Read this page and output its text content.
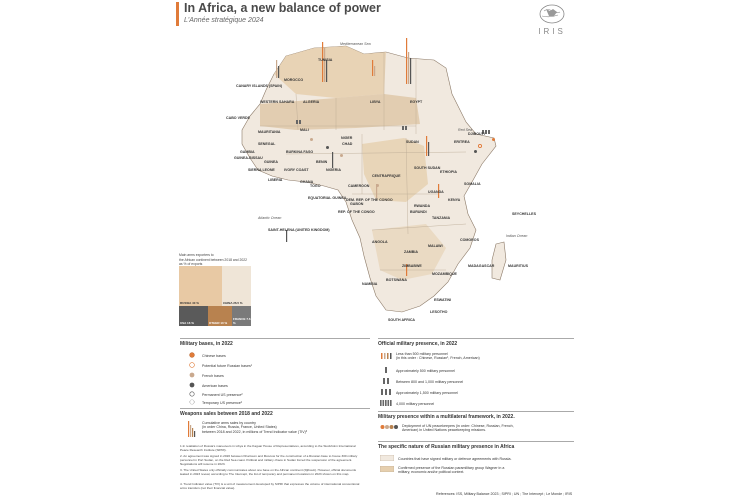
In Africa, a new balance of power
L'Année stratégique 2024
IRIS
MOROCCO
ALGERIA
TUNISIA
LIBYA	EGYPT
WESTERN SAHARA
MAURITANIA	MALI
NIGER
CHAD	SUDAN	ERITREA
DJIBOUTI
ETHIOPIA
SOMALIA
SENEGAL
GAMBIA
GUINEA-BISSAU
GUINEA
SIERRA LEONE
LIBERIA
IVORY COAST
BURKINA FASO
GHANA
TOGO
BENIN
NIGERIA
CAMEROON
CENTRAFRIQUE
SOUTH SUDAN
UGANDA
KENYA
RWANDA
BURUNDI
TANZANIA
EQUATORIAL GUINEA
GABON
REP. OF THE CONGO
DEM. REP. OF THE CONGO
ANGOLA
ZAMBIA
MALAWI
MOZAMBIQUE
ZIMBABWE
NAMIBIA
BOTSWANA
SOUTH AFRICA
LESOTHO
ESWATINI
MADAGASCAR
COMOROS
SEYCHELLES
MAURITIUS
CABO VERDE
CANARY ISLANDS (SPAIN)
SAINT-HELENA (UNITED KINGDOM)
Mediterranean Sea
Red Sea
Atlantic Ocean
Indian Ocean
Main arms exporters to
the African continent between 2018 and 2022
as % of exports
RUSSIA 40 %	CHINA 26.5 %
USA 16 %	OTHER 10 %
FRANCE 7.6 %
Military bases, in 2022
Chinese bases
Potential future Russian bases¹
French bases
American bases
Permanent US presence²
Temporary US presence²
Weapons sales between 2018 and 2022
Cumulative arms sales by country
(in order China, Russia, France, United States)
between 2018 and 2022, in millions of Trend Indicator value (TIV)³
1.In retaliation of Russia's maneuvers in Libya in the Kaguar House of Representatives, according to the Stockholm International Peace Research Institute (SIPRI).
2. An agreement was signed in 2020 between Khartoum and Moscow for the construction of a Russian base to house 300 military personnel in Port Sudan, on the Red Sea coast. Political and military chaos in Sudan forced the suspension of the agreement. Negotiations will resume in 2023.
3. The United States only officially communicates about one base on the African continent (Djibouti). However, official documents leaked in 2023 reveal, according to The Intercept, the list of temporary and permanent locations in 2023 shown on this map.
4. Trend Indicator value (TIV) is a unit of measurement developed by SIPRI that expresses the volume of international conventional arms transfers (not their financial value).
Official military presence, in 2022
Less than 500 military personnel
(in this order : Chinese, Russian¹, French, American)
Approximately 500 military personnel
Between 800 and 1,000 military personnel
Approximately 1,500 military personnel
4,000 military personnel
Military presence within a multilateral framework, in 2022.
Deployment of UN peacekeepers (in order: Chinese, Russian, French,
American) in United Nations peacekeeping missions.
The specific nature of Russian military presence in Africa
Countries that have signed military or defence agreements with Russia.
Confirmed presence of the Russian paramilitary group Wagner in a
military, economic and/or political context.
References: ISS, Military Balance 2023 ; SIPRI ; UN ; The Intercept ; Le Monde ; IRIS
